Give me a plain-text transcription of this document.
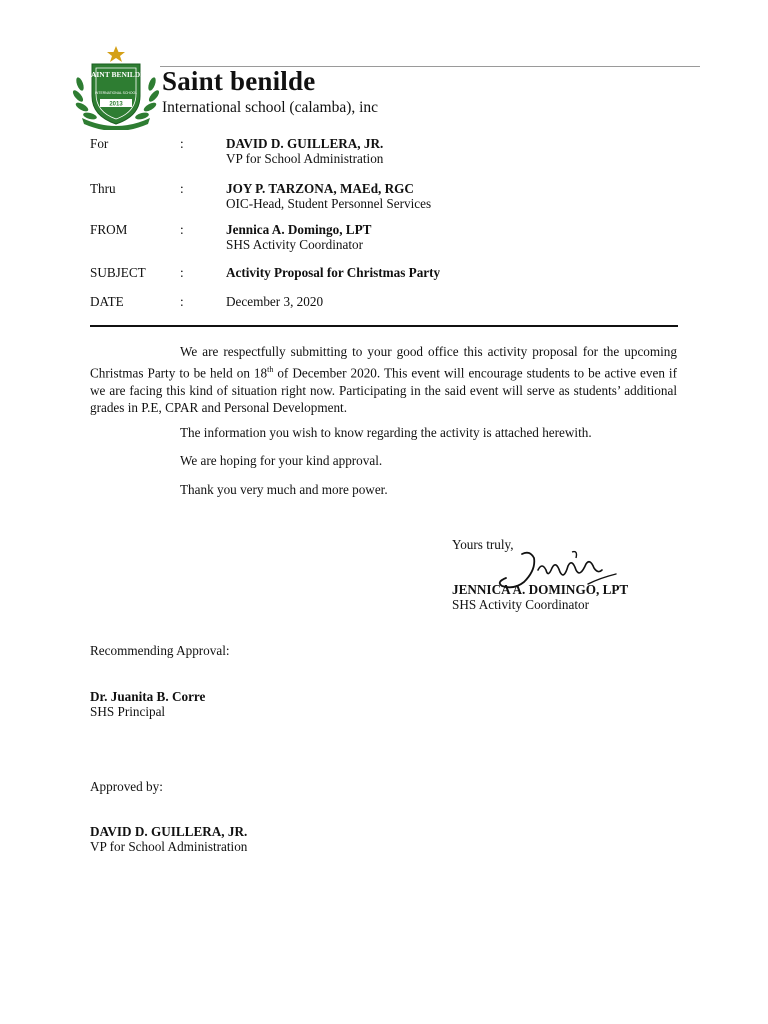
SAINT BENILDE
INTERNATIONAL SCHOOL
2013
Saint benilde
International school (calamba), inc
For	:	DAVID D. GUILLERA, JR.
VP for School Administration
Thru	:	JOY P. TARZONA, MAEd, RGC
OIC-Head, Student Personnel Services
FROM	:	Jennica A. Domingo, LPT
SHS Activity Coordinator
SUBJECT	:	Activity Proposal for Christmas Party
DATE	:	December 3, 2020
We are respectfully submitting to your good office this activity proposal for the upcoming Christmas Party to be held on 18th of December 2020. This event will encourage students to be active even if we are facing this kind of situation right now. Participating in the said event will serve as students’ additional grades in P.E, CPAR and Personal Development.
The information you wish to know regarding the activity is attached herewith.
We are hoping for your kind approval.
Thank you very much and more power.
Yours truly,
JENNICA A. DOMINGO, LPT
SHS Activity Coordinator
Recommending Approval:
Dr. Juanita B. Corre
SHS Principal
Approved by:
DAVID D. GUILLERA, JR.
VP for School Administration
